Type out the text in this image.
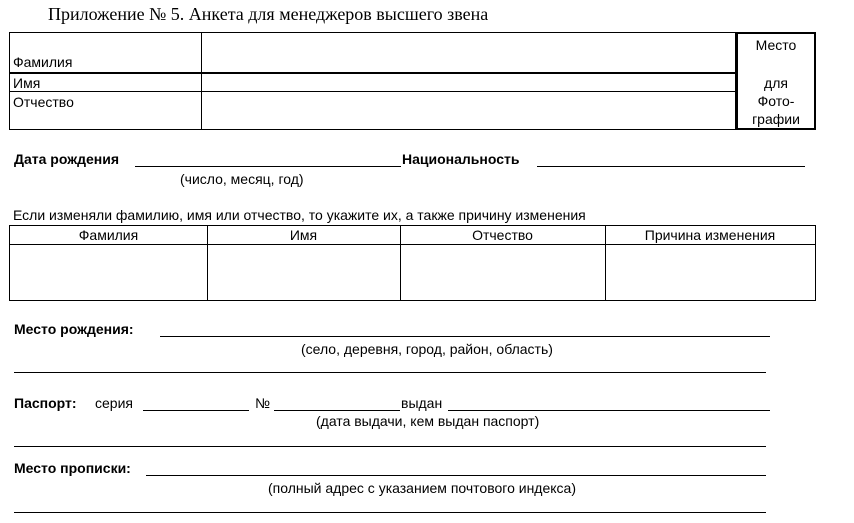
Приложение № 5. Анкета для менеджеров высшего звена
Фамилия
Имя
Отчество
Место
для
Фото-
графии
Дата рождения	Национальность
(число, месяц, год)
Если изменяли фамилию, имя или отчество, то укажите их, а также причину изменения
Фамилия	Имя	Отчество	Причина изменения
Место рождения:
(село, деревня, город, район, область)
Паспорт: серия	№	выдан
(дата выдачи, кем выдан паспорт)
Место прописки:
(полный адрес с указанием почтового индекса)
